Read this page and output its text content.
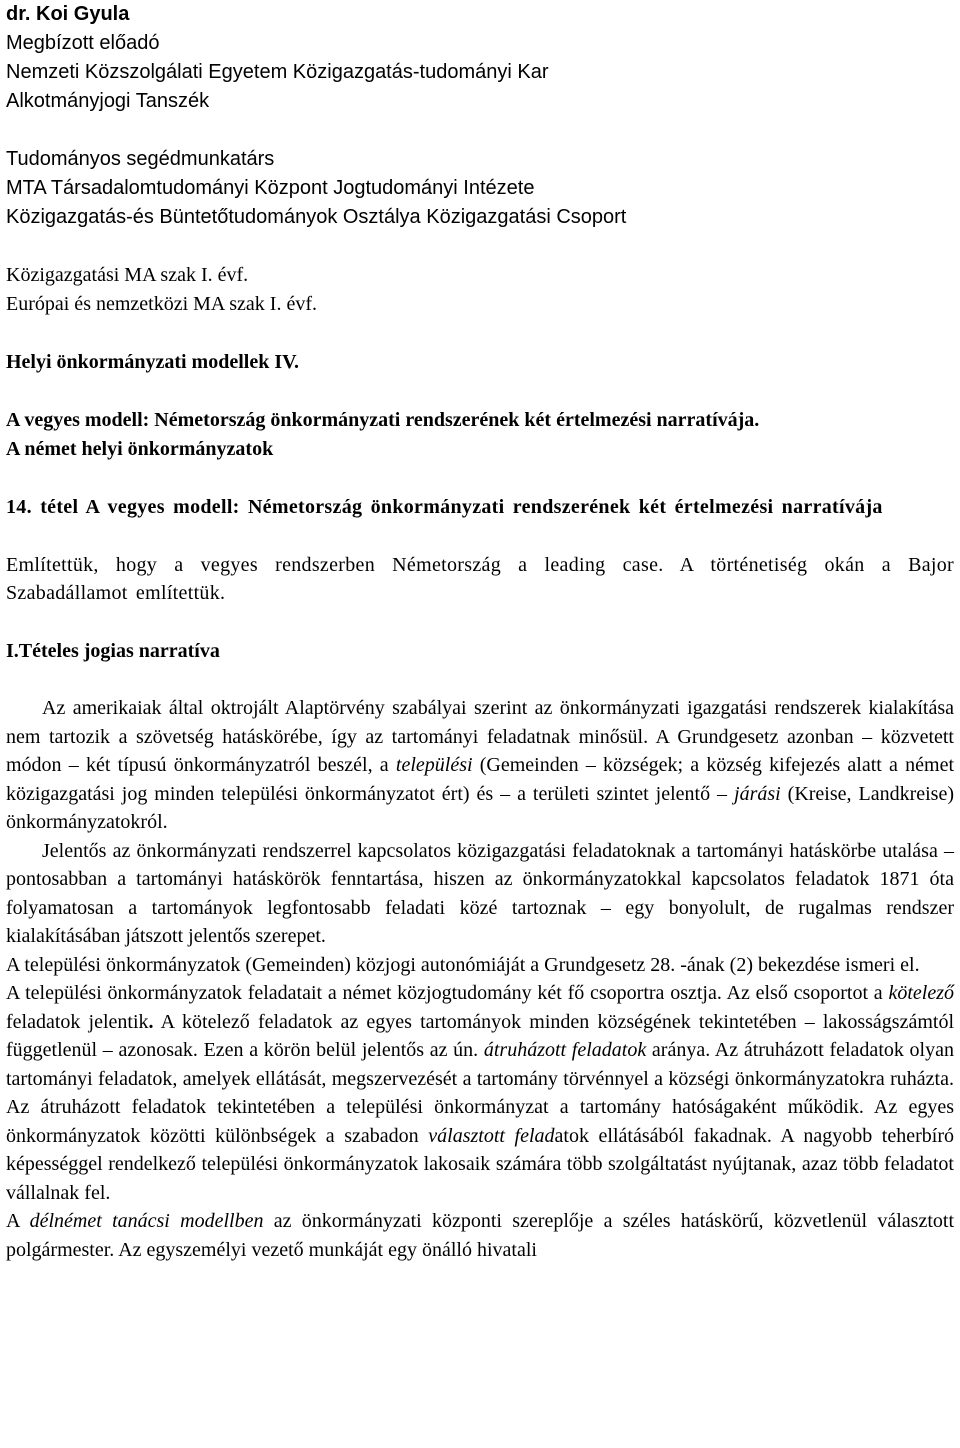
dr. Koi Gyula
Megbízott előadó
Nemzeti Közszolgálati Egyetem Közigazgatás-tudományi Kar
Alkotmányjogi Tanszék
Tudományos segédmunkatárs
MTA Társadalomtudományi Központ Jogtudományi Intézete
Közigazgatás-és Büntetőtudományok Osztálya Közigazgatási Csoport
Közigazgatási MA szak I. évf.
Európai és nemzetközi MA szak I. évf.
Helyi önkormányzati modellek IV.
A vegyes modell: Németország önkormányzati rendszerének két értelmezési narratívája.
A német helyi önkormányzatok

14. tétel A vegyes modell: Németország önkormányzati rendszerének két értelmezési narratívája

Említettük, hogy a vegyes rendszerben Németország a leading case. A történetiség okán a Bajor Szabadállamot említettük.

I.Tételes jogias narratíva

Az amerikaiak által oktrojált Alaptörvény szabályai szerint az önkormányzati igazgatási rendszerek kialakítása nem tartozik a szövetség hatáskörébe, így az tartományi feladatnak minősül. A Grundgesetz azonban – közvetett módon – két típusú önkormányzatról beszél, a települési (Gemeinden – községek; a község kifejezés alatt a német közigazgatási jog minden települési önkormányzatot ért) és – a területi szintet jelentő – járási (Kreise, Landkreise) önkormányzatokról.

Jelentős az önkormányzati rendszerrel kapcsolatos közigazgatási feladatoknak a tartományi hatáskörbe utalása – pontosabban a tartományi hatáskörök fenntartása, hiszen az önkormányzatokkal kapcsolatos feladatok 1871 óta folyamatosan a tartományok legfontosabb feladati közé tartoznak – egy bonyolult, de rugalmas rendszer kialakításában játszott jelentős szerepet.

A települési önkormányzatok (Gemeinden) közjogi autonómiáját a Grundgesetz 28. -ának (2) bekezdése ismeri el.

A települési önkormányzatok feladatait a német közjogtudomány két fő csoportra osztja. Az első csoportot a kötelező feladatok jelentik. A kötelező feladatok az egyes tartományok minden községének tekintetében – lakosságszámtól függetlenül – azonosak. Ezen a körön belül jelentős az ún. átruházott feladatok aránya. Az átruházott feladatok olyan tartományi feladatok, amelyek ellátását, megszervezését a tartomány törvénnyel a községi önkormányzatokra ruházta. Az átruházott feladatok tekintetében a települési önkormányzat a tartomány hatóságaként működik. Az egyes önkormányzatok közötti különbségek a szabadon választott feladatok ellátásából fakadnak. A nagyobb teherbíró képességgel rendelkező települési önkormányzatok lakosaik számára több szolgáltatást nyújtanak, azaz több feladatot vállalnak fel.

A délnémet tanácsi modellben az önkormányzati központi szereplője a széles hatáskörű, közvetlenül választott polgármester. Az egyszemélyi vezető munkáját egy önálló hivatali
